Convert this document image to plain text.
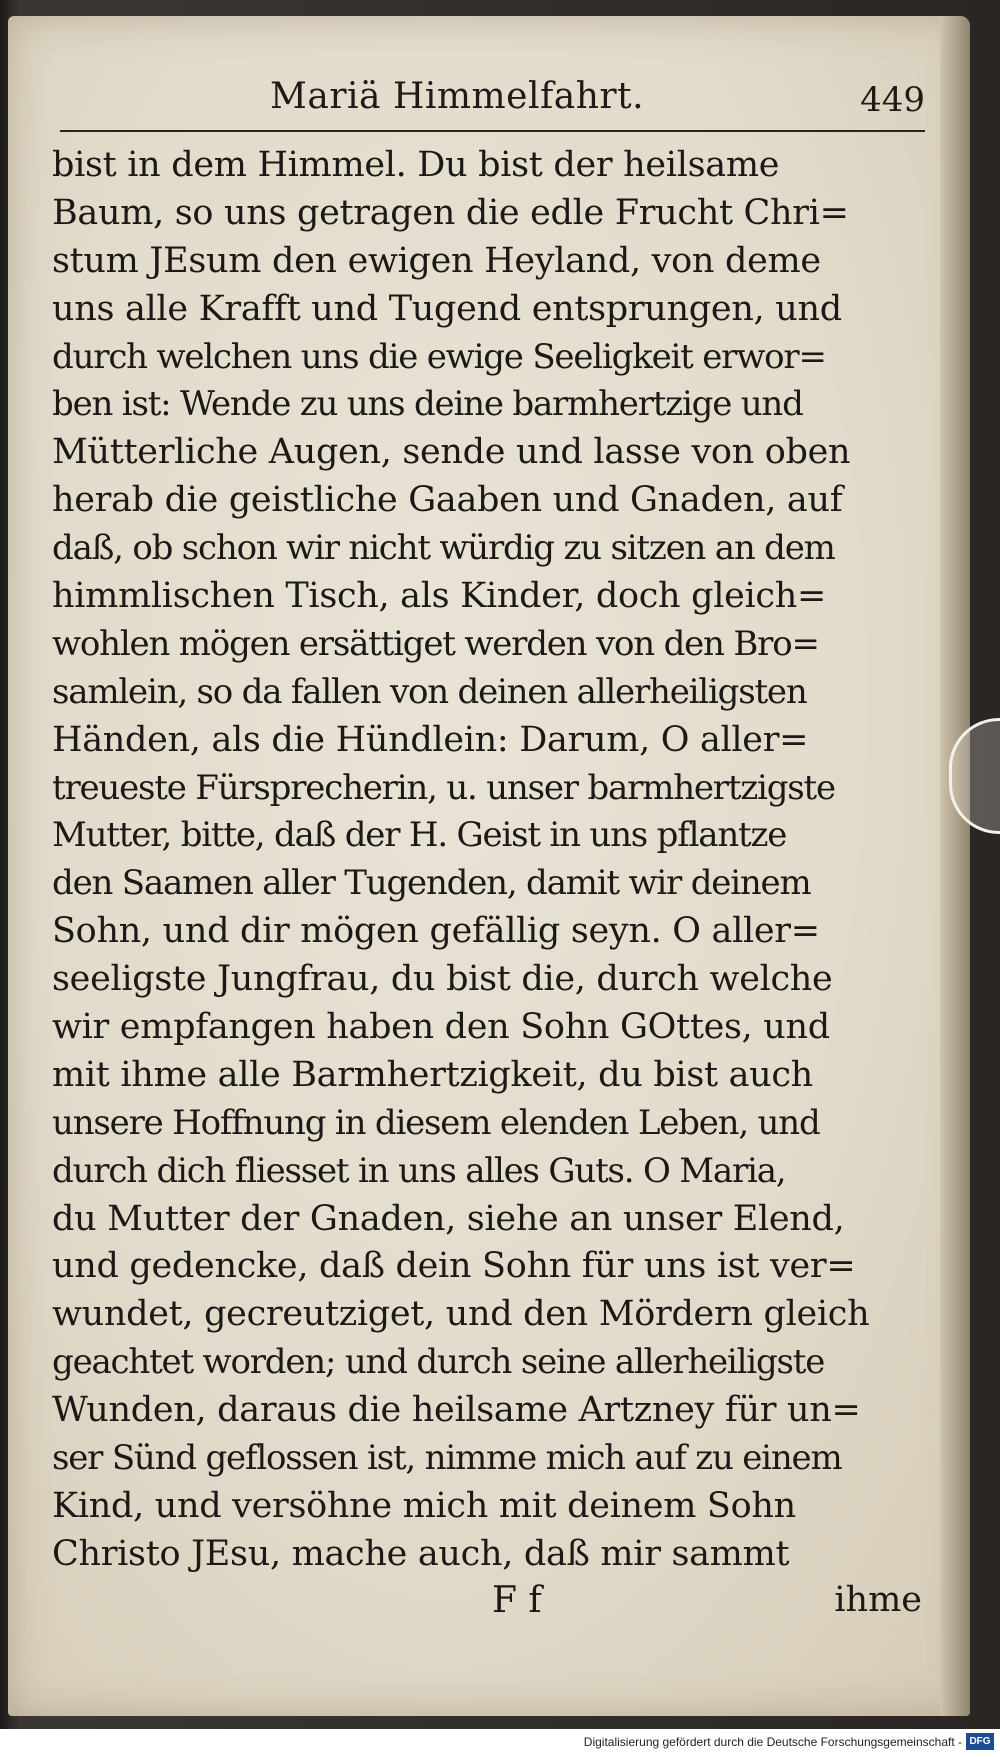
Mariä Himmelfahrt.	449
bist in dem Himmel. Du bist der heilsame
Baum, so uns getragen die edle Frucht Chri=
stum JEsum den ewigen Heyland, von deme
uns alle Krafft und Tugend entsprungen, und
durch welchen uns die ewige Seeligkeit erwor=
ben ist: Wende zu uns deine barmhertzige und
Mütterliche Augen, sende und lasse von oben
herab die geistliche Gaaben und Gnaden, auf
daß, ob schon wir nicht würdig zu sitzen an dem
himmlischen Tisch, als Kinder, doch gleich=
wohlen mögen ersättiget werden von den Bro=
samlein, so da fallen von deinen allerheiligsten
Händen, als die Hündlein: Darum, O aller=
treueste Fürsprecherin, u. unser barmhertzigste
Mutter, bitte, daß der H. Geist in uns pflantze
den Saamen aller Tugenden, damit wir deinem
Sohn, und dir mögen gefällig seyn. O aller=
seeligste Jungfrau, du bist die, durch welche
wir empfangen haben den Sohn GOttes, und
mit ihme alle Barmhertzigkeit, du bist auch
unsere Hoffnung in diesem elenden Leben, und
durch dich fliesset in uns alles Guts. O Maria,
du Mutter der Gnaden, siehe an unser Elend,
und gedencke, daß dein Sohn für uns ist ver=
wundet, gecreutziget, und den Mördern gleich
geachtet worden; und durch seine allerheiligste
Wunden, daraus die heilsame Artzney für un=
ser Sünd geflossen ist, nimme mich auf zu einem
Kind, und versöhne mich mit deinem Sohn
Christo JEsu, mache auch, daß mir sammt
F f	ihme
Digitalisierung gefördert durch die Deutsche Forschungsgemeinschaft - DFG
